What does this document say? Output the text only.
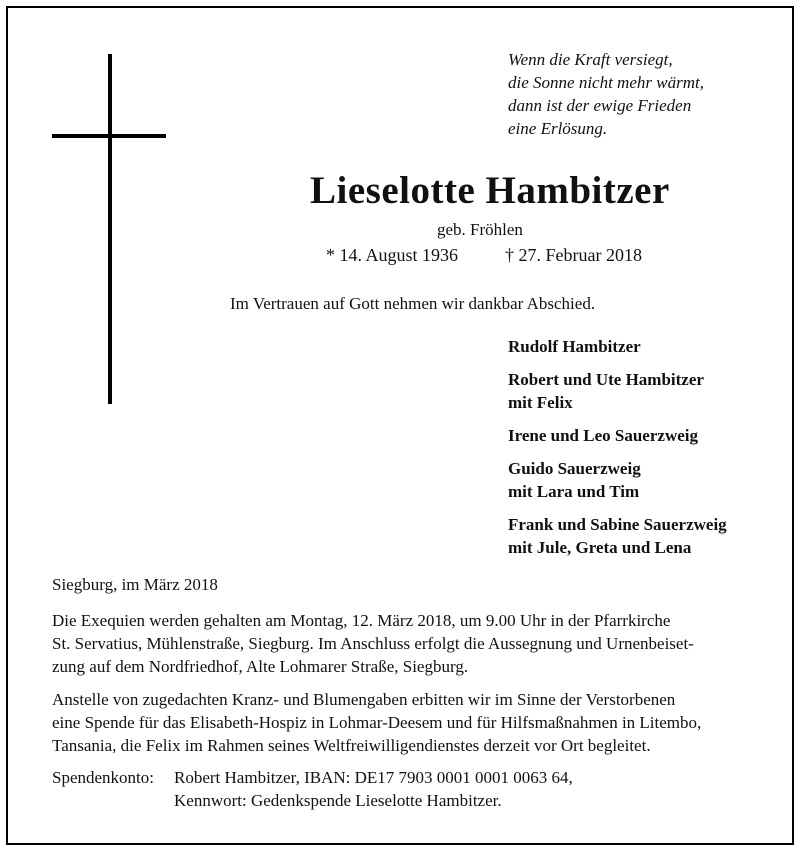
Wenn die Kraft versiegt,
die Sonne nicht mehr wärmt,
dann ist der ewige Frieden
eine Erlösung.
Lieselotte Hambitzer
geb. Fröhlen
* 14. August 1936	† 27. Februar 2018
Im Vertrauen auf Gott nehmen wir dankbar Abschied.
Rudolf Hambitzer
Robert und Ute Hambitzer
mit Felix
Irene und Leo Sauerzweig
Guido Sauerzweig
mit Lara und Tim
Frank und Sabine Sauerzweig
mit Jule, Greta und Lena
Siegburg, im März 2018
Die Exequien werden gehalten am Montag, 12. März 2018, um 9.00 Uhr in der Pfarrkirche
St. Servatius, Mühlenstraße, Siegburg. Im Anschluss erfolgt die Aussegnung und Urnenbeiset-
zung auf dem Nordfriedhof, Alte Lohmarer Straße, Siegburg.
Anstelle von zugedachten Kranz- und Blumengaben erbitten wir im Sinne der Verstorbenen
eine Spende für das Elisabeth-Hospiz in Lohmar-Deesem und für Hilfsmaßnahmen in Litembo,
Tansania, die Felix im Rahmen seines Weltfreiwilligendienstes derzeit vor Ort begleitet.
Spendenkonto: Robert Hambitzer, IBAN: DE17 7903 0001 0001 0063 64,
Kennwort: Gedenkspende Lieselotte Hambitzer.
